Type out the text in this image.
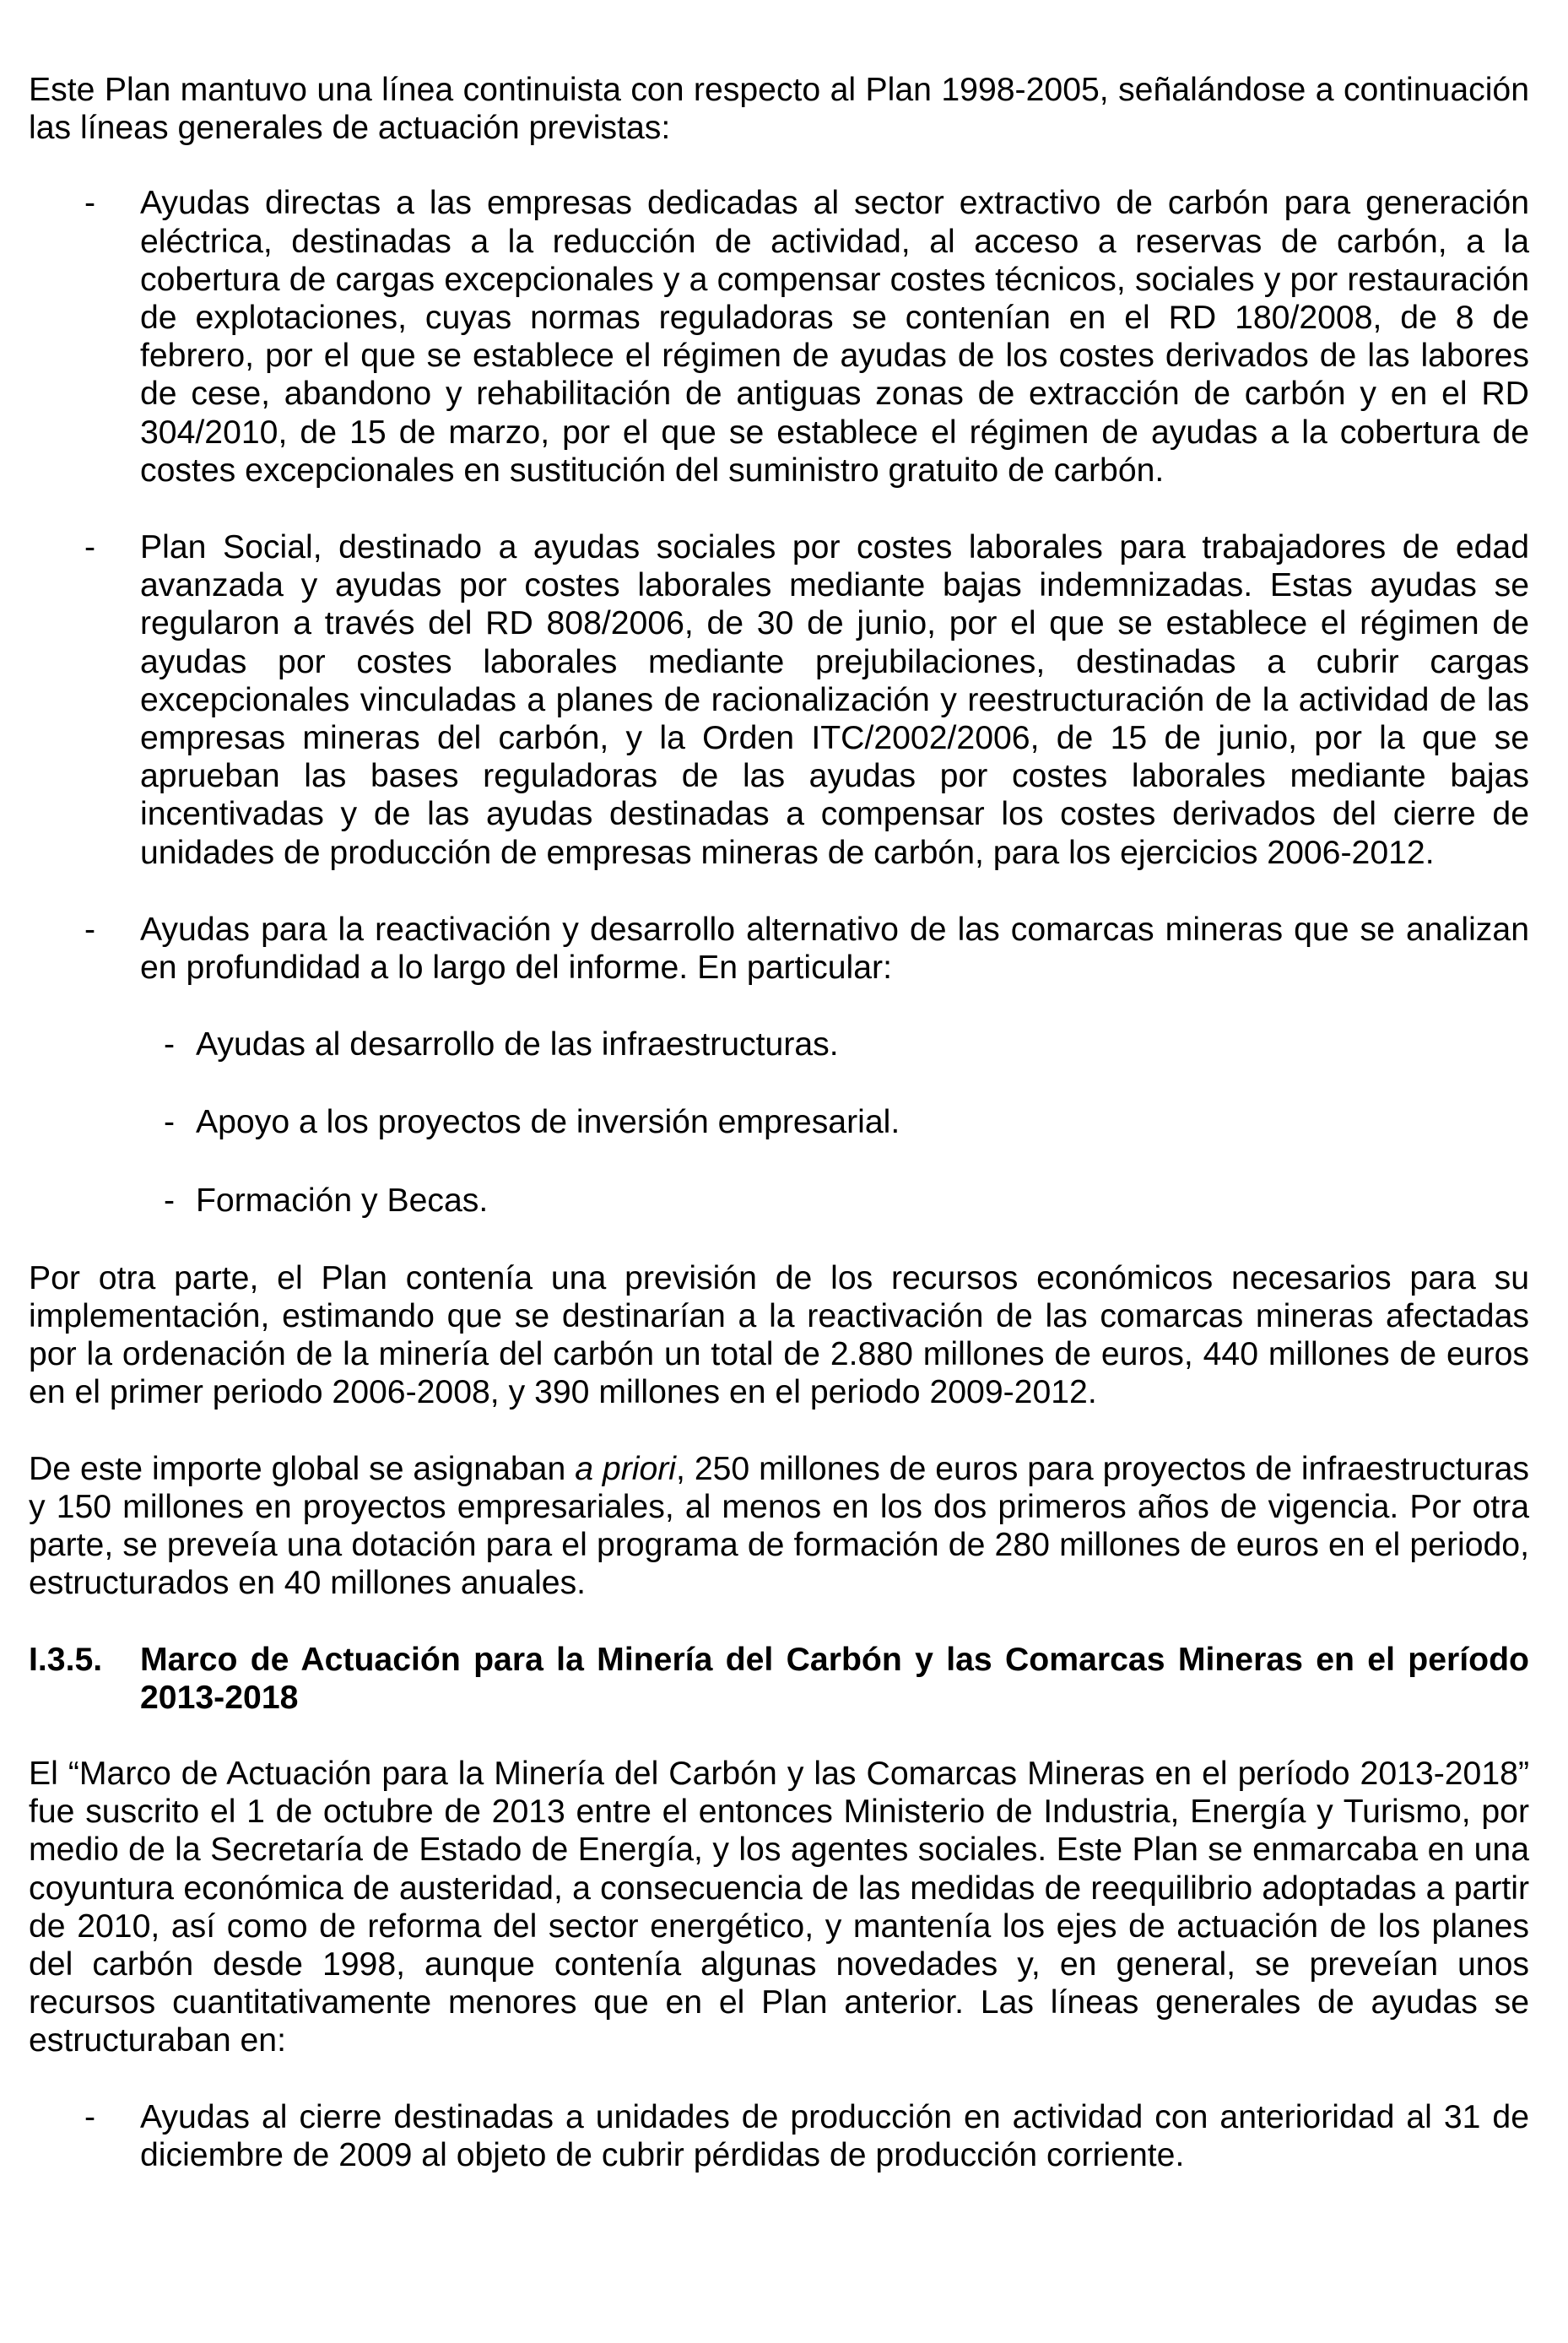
Este Plan mantuvo una línea continuista con respecto al Plan 1998-2005, señalándose a continuación las líneas generales de actuación previstas:

-	Ayudas directas a las empresas dedicadas al sector extractivo de carbón para generación eléctrica, destinadas a la reducción de actividad, al acceso a reservas de carbón, a la cobertura de cargas excepcionales y a compensar costes técnicos, sociales y por restauración de explotaciones, cuyas normas reguladoras se contenían en el RD 180/2008, de 8 de febrero, por el que se establece el régimen de ayudas de los costes derivados de las labores de cese, abandono y rehabilitación de antiguas zonas de extracción de carbón y en el RD 304/2010, de 15 de marzo, por el que se establece el régimen de ayudas a la cobertura de costes excepcionales en sustitución del suministro gratuito de carbón.
-	Plan Social, destinado a ayudas sociales por costes laborales para trabajadores de edad avanzada y ayudas por costes laborales mediante bajas indemnizadas. Estas ayudas se regularon a través del RD 808/2006, de 30 de junio, por el que se establece el régimen de ayudas por costes laborales mediante prejubilaciones, destinadas a cubrir cargas excepcionales vinculadas a planes de racionalización y reestructuración de la actividad de las empresas mineras del carbón, y la Orden ITC/2002/2006, de 15 de junio, por la que se aprueban las bases reguladoras de las ayudas por costes laborales mediante bajas incentivadas y de las ayudas destinadas a compensar los costes derivados del cierre de unidades de producción de empresas mineras de carbón, para los ejercicios 2006-2012.
-	Ayudas para la reactivación y desarrollo alternativo de las comarcas mineras que se analizan en profundidad a lo largo del informe. En particular:
- Ayudas al desarrollo de las infraestructuras.
- Apoyo a los proyectos de inversión empresarial.
- Formación y Becas.

Por otra parte, el Plan contenía una previsión de los recursos económicos necesarios para su implementación, estimando que se destinarían a la reactivación de las comarcas mineras afectadas por la ordenación de la minería del carbón un total de 2.880 millones de euros, 440 millones de euros en el primer periodo 2006-2008, y 390 millones en el periodo 2009-2012.

De este importe global se asignaban a priori, 250 millones de euros para proyectos de infraestructuras y 150 millones en proyectos empresariales, al menos en los dos primeros años de vigencia. Por otra parte, se preveía una dotación para el programa de formación de 280 millones de euros en el periodo, estructurados en 40 millones anuales.

I.3.5.	Marco de Actuación para la Minería del Carbón y las Comarcas Mineras en el período 2013-2018

El “Marco de Actuación para la Minería del Carbón y las Comarcas Mineras en el período 2013-2018” fue suscrito el 1 de octubre de 2013 entre el entonces Ministerio de Industria, Energía y Turismo, por medio de la Secretaría de Estado de Energía, y los agentes sociales. Este Plan se enmarcaba en una coyuntura económica de austeridad, a consecuencia de las medidas de reequilibrio adoptadas a partir de 2010, así como de reforma del sector energético, y mantenía los ejes de actuación de los planes del carbón desde 1998, aunque contenía algunas novedades y, en general, se preveían unos recursos cuantitativamente menores que en el Plan anterior. Las líneas generales de ayudas se estructuraban en:

-	Ayudas al cierre destinadas a unidades de producción en actividad con anterioridad al 31 de diciembre de 2009 al objeto de cubrir pérdidas de producción corriente.
